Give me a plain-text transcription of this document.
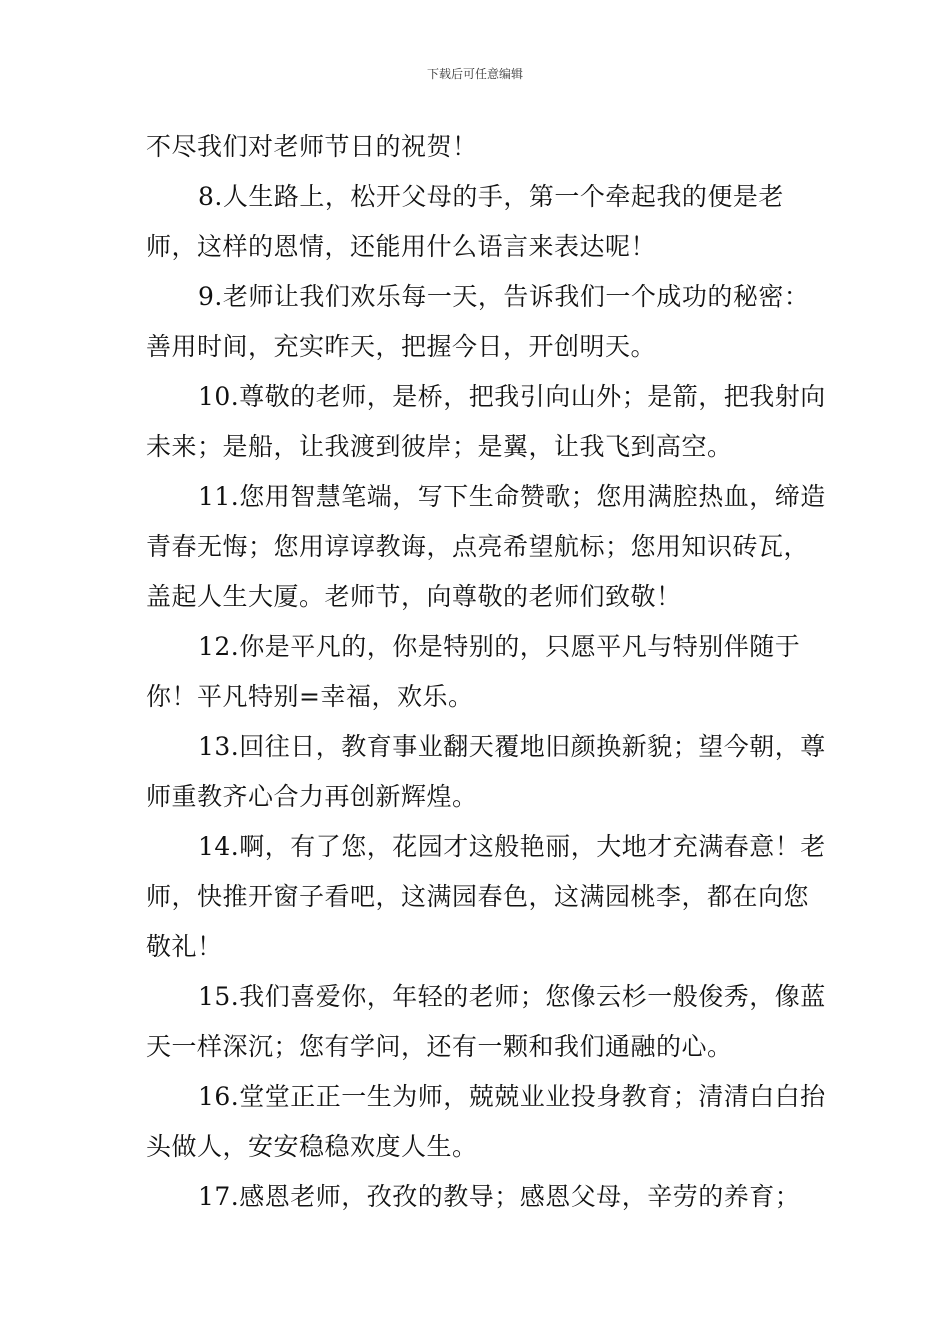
下载后可任意编辑

不尽我们对老师节日的祝贺！

8.人生路上，松开父母的手，第一个牵起我的便是老师，这样的恩情，还能用什么语言来表达呢！

9.老师让我们欢乐每一天，告诉我们一个成功的秘密：善用时间，充实昨天，把握今日，开创明天。

10.尊敬的老师，是桥，把我引向山外；是箭，把我射向未来；是船，让我渡到彼岸；是翼，让我飞到高空。

11.您用智慧笔端，写下生命赞歌；您用满腔热血，缔造青春无悔；您用谆谆教诲，点亮希望航标；您用知识砖瓦，盖起人生大厦。老师节，向尊敬的老师们致敬！

12.你是平凡的，你是特别的，只愿平凡与特别伴随于你！平凡特别=幸福，欢乐。

13.回往日，教育事业翻天覆地旧颜换新貌；望今朝，尊师重教齐心合力再创新辉煌。

14.啊，有了您，花园才这般艳丽，大地才充满春意！老师，快推开窗子看吧，这满园春色，这满园桃李，都在向您敬礼！

15.我们喜爱你，年轻的老师；您像云杉一般俊秀，像蓝天一样深沉；您有学问，还有一颗和我们通融的心。

16.堂堂正正一生为师，兢兢业业投身教育；清清白白抬头做人，安安稳稳欢度人生。

17.感恩老师，孜孜的教导；感恩父母，辛劳的养育；
